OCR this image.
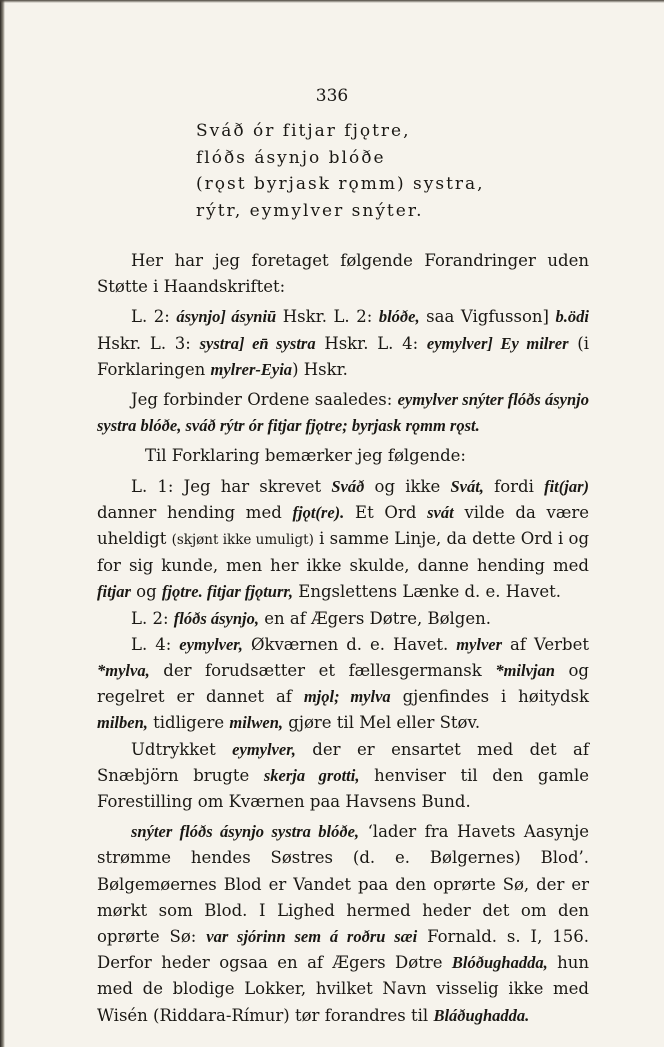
336
Sváð ór fitjar fjǫtre,
flóðs ásynjo blóðe
(rǫst byrjask rǫmm) systra,
rýtr, eymylver snýter.

Her har jeg foretaget følgende Forandringer uden Støtte i Haandskriftet:

L. 2: ásynjo] ásyniū Hskr. L. 2: blóðe, saa Vigfusson] b.ödi Hskr. L. 3: systra] en̄ systra Hskr. L. 4: eymylver] Ey milrer (i Forklaringen mylrer-Eyia) Hskr.

Jeg forbinder Ordene saaledes: eymylver snýter flóðs ásynjo systra blóðe, sváð rýtr ór fitjar fjǫtre; byrjask rǫmm rǫst.

Til Forklaring bemærker jeg følgende:

L. 1: Jeg har skrevet Sváð og ikke Svát, fordi fit(jar) danner hending med fjǫt(re). Et Ord svát vilde da være uheldigt (skjønt ikke umuligt) i samme Linje, da dette Ord i og for sig kunde, men her ikke skulde, danne hending med fitjar og fjǫtre. fitjar fjǫturr, Engslettens Lænke d. e. Havet.

L. 2: flóðs ásynjo, en af Ægers Døtre, Bølgen.

L. 4: eymylver, Økværnen d. e. Havet. mylver af Verbet *mylva, der forudsætter et fællesgermansk *milvjan og regelret er dannet af mjǫl; mylva gjenfindes i høitydsk milben, tidligere milwen, gjøre til Mel eller Støv.

Udtrykket eymylver, der er ensartet med det af Snæbjörn brugte skerja grotti, henviser til den gamle Forestilling om Kværnen paa Havsens Bund.

snýter flóðs ásynjo systra blóðe, ‘lader fra Havets Aasynje strømme hendes Søstres (d. e. Bølgernes) Blod’. Bølgemøernes Blod er Vandet paa den oprørte Sø, der er mørkt som Blod. I Lighed hermed heder det om den oprørte Sø: var sjórinn sem á roðru sæi Fornald. s. I, 156. Derfor heder ogsaa en af Ægers Døtre Blóðughadda, hun med de blodige Lokker, hvilket Navn visselig ikke med Wisén (Riddara-Rímur) tør forandres til Bláðughadda.
